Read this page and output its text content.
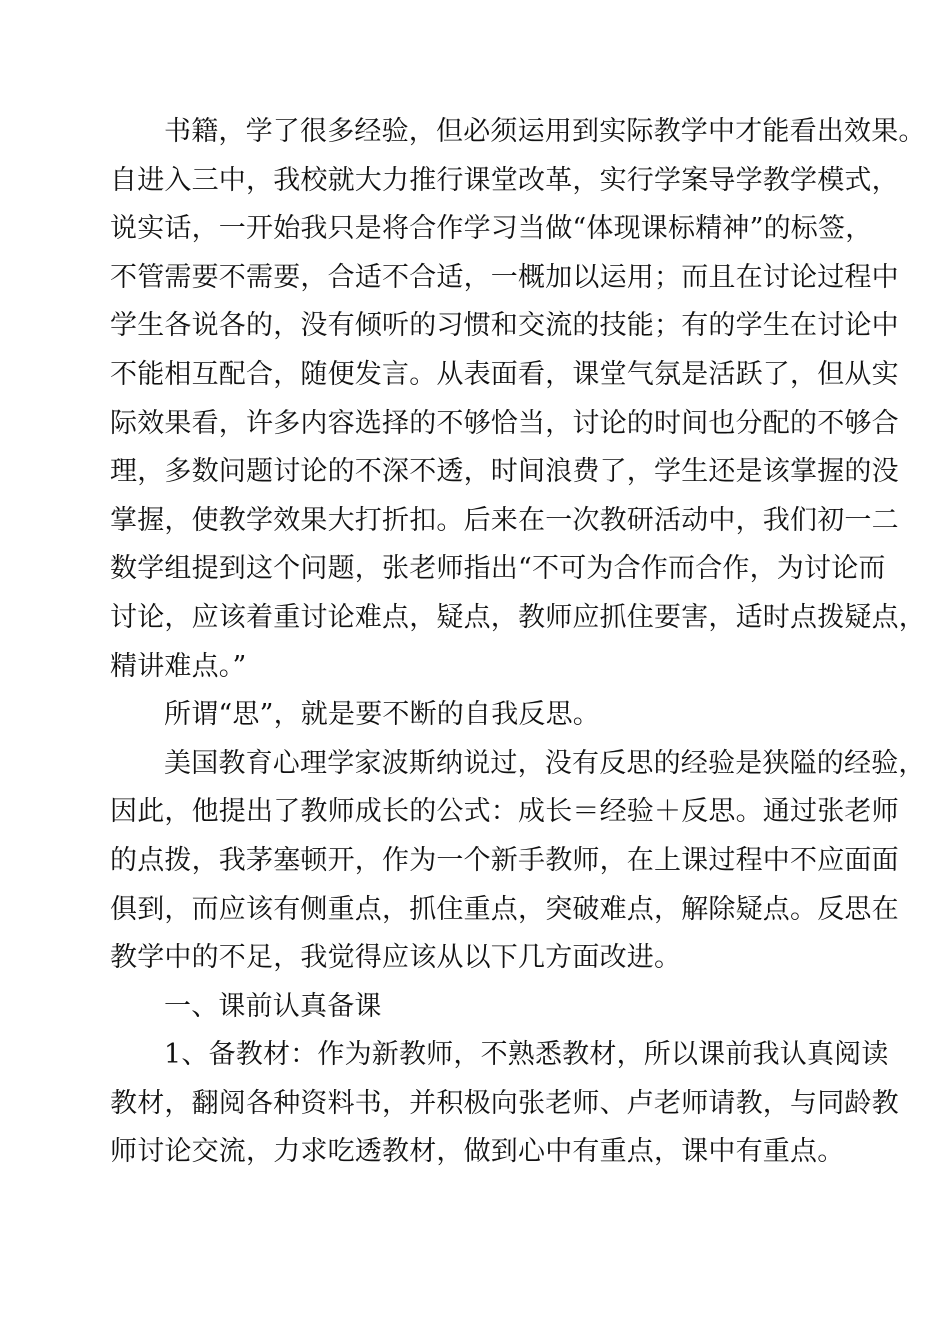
书籍，学了很多经验，但必须运用到实际教学中才能看出效果。
自进入三中，我校就大力推行课堂改革，实行学案导学教学模式，
说实话，一开始我只是将合作学习当做“体现课标精神”的标签，
不管需要不需要，合适不合适，一概加以运用；而且在讨论过程中
学生各说各的，没有倾听的习惯和交流的技能；有的学生在讨论中
不能相互配合，随便发言。从表面看，课堂气氛是活跃了，但从实
际效果看，许多内容选择的不够恰当，讨论的时间也分配的不够合
理，多数问题讨论的不深不透，时间浪费了，学生还是该掌握的没
掌握，使教学效果大打折扣。后来在一次教研活动中，我们初一二
数学组提到这个问题，张老师指出“不可为合作而合作，为讨论而
讨论，应该着重讨论难点，疑点，教师应抓住要害，适时点拨疑点，
精讲难点。”
所谓“思”，就是要不断的自我反思。
美国教育心理学家波斯纳说过，没有反思的经验是狭隘的经验，
因此，他提出了教师成长的公式：成长＝经验＋反思。通过张老师
的点拨，我茅塞顿开，作为一个新手教师，在上课过程中不应面面
俱到，而应该有侧重点，抓住重点，突破难点，解除疑点。反思在
教学中的不足，我觉得应该从以下几方面改进。
一、课前认真备课
1、备教材：作为新教师，不熟悉教材，所以课前我认真阅读
教材，翻阅各种资料书，并积极向张老师、卢老师请教，与同龄教
师讨论交流，力求吃透教材，做到心中有重点，课中有重点。
